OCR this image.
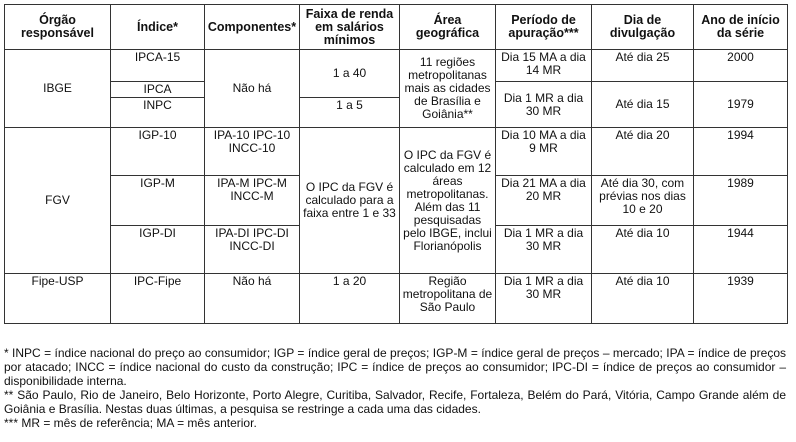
Órgão responsável	Índice*	Componentes*	Faixa de renda em salários mínimos	Área geográfica	Período de apuração***	Dia de divulgação	Ano de início da série
IBGE	IPCA-15	Não há	1 a 40	11 regiões metropolitanas mais as cidades de Brasília e Goiânia**	Dia 15 MA a dia 14 MR	Até dia 25	2000
	IPCA				Dia 1 MR a dia 30 MR	Até dia 15	1979
	INPC		1 a 5				
FGV	IGP-10	IPA-10 IPC-10 INCC-10	O IPC da FGV é calculado para a faixa entre 1 e 33	O IPC da FGV é calculado em 12 áreas metropolitanas. Além das 11 pesquisadas pelo IBGE, inclui Florianópolis	Dia 10 MA a dia 9 MR	Até dia 20	1994
	IGP-M	IPA-M IPC-M INCC-M			Dia 21 MA a dia 20 MR	Até dia 30, com prévias nos dias 10 e 20	1989
	IGP-DI	IPA-DI IPC-DI INCC-DI			Dia 1 MR a dia 30 MR	Até dia 10	1944
Fipe-USP	IPC-Fipe	Não há	1 a 20	Região metropolitana de São Paulo	Dia 1 MR a dia 30 MR	Até dia 10	1939

* INPC = índice nacional do preço ao consumidor; IGP = índice geral de preços; IGP-M = índice geral de preços – mercado; IPA = índice de preços por atacado; INCC = índice nacional do custo da construção; IPC = índice de preços ao consumidor; IPC-DI = índice de preços ao consumidor – disponibilidade interna.

** São Paulo, Rio de Janeiro, Belo Horizonte, Porto Alegre, Curitiba, Salvador, Recife, Fortaleza, Belém do Pará, Vitória, Campo Grande além de Goiânia e Brasília. Nestas duas últimas, a pesquisa se restringe a cada uma das cidades.

*** MR = mês de referência; MA = mês anterior.
